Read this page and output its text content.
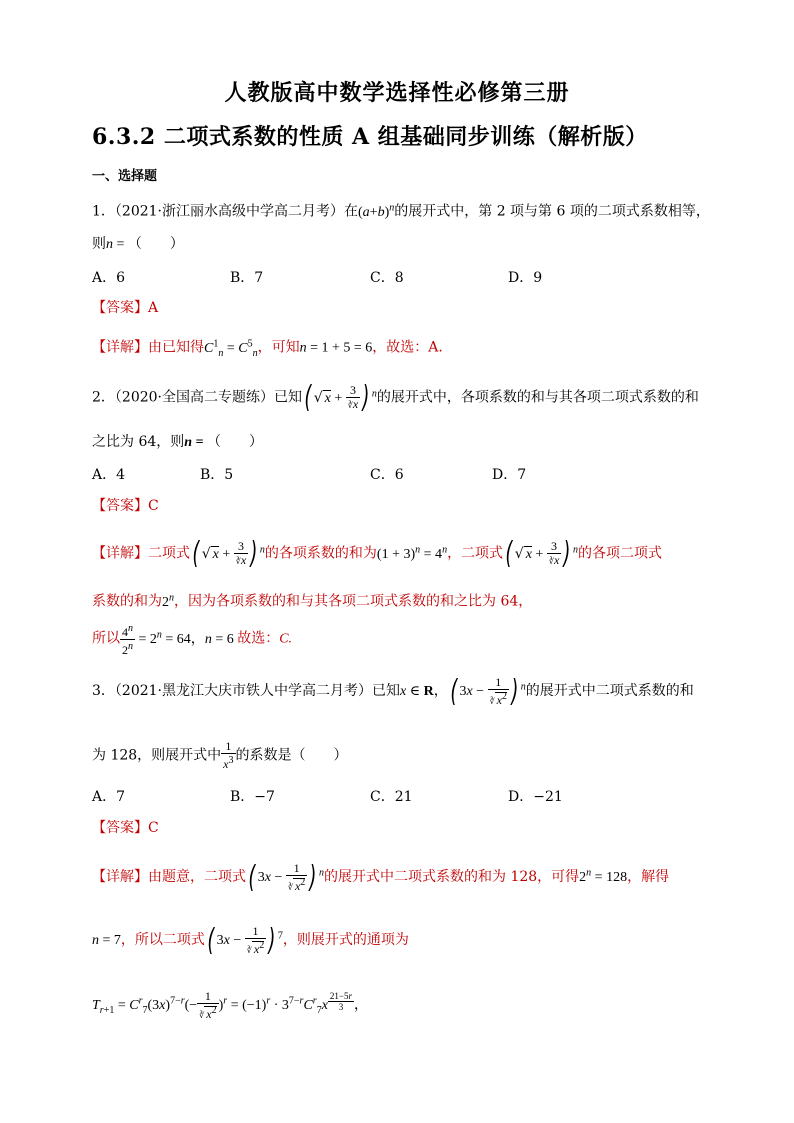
人教版高中数学选择性必修第三册
6.3.2 二项式系数的性质 A 组基础同步训练（解析版）
一、选择题
1．（2021·浙江丽水高级中学高二月考）在$(a+b)^n$的展开式中，第 2 项与第 6 项的二项式系数相等，
则n = （　　）
A．6	B．7	C．8	D．9
【答案】A
【详解】由已知得$C^1_n = C^5_n$，可知n = 1 + 5 = 6，故选：A.
2．（2020·全国高二专题练）已知( √ $x + \frac{3}{∛x}$ ) $^n$的展开式中，各项系数的和与其各项二项式系数的和
之比为 64，则n = （　　）
A．4	B．5	C．6	D．7
【答案】C
【详解】二项式( √ $x + \frac{3}{∛x}$ ) $^n$的各项系数的和为$(1 + 3)^n = 4^n$，二项式( √ $x + \frac{3}{∛x}$ ) $^n$的各项二项式
系数的和为2$^n$，因为各项系数的和与其各项二项式系数的和之比为 64，
所以 $\frac{4^n}{2^n} = 2^n = 64$，n = 6 故选：C.
3．（2021·黑龙江大庆市铁人中学高二月考）已知x ∈ R，( $3x - \frac{1}{∛ x^2}$ ) $^n$的展开式中二项式系数的和
为 128，则展开式中 $\frac{1}{x^3}$ 的系数是（　　）
A．7	B．−7	C．21	D．−21
【答案】C
【详解】由题意，二项式( $3x - \frac{1}{∛ x^2}$ ) $^n$的展开式中二项式系数的和为 128，可得$2^n = 128$，解得
n = 7，所以二项式( $3x - \frac{1}{∛ x^2}$ ) $^7$，则展开式的通项为
$T_{r+1} = C^r_7(3x)^{7-r}(- \frac{1}{∛ x^2} )^r = (-1)^r \cdot 3^{7-r}C^r_7x$ $^{\frac{21-5r}{3}}$ ，
